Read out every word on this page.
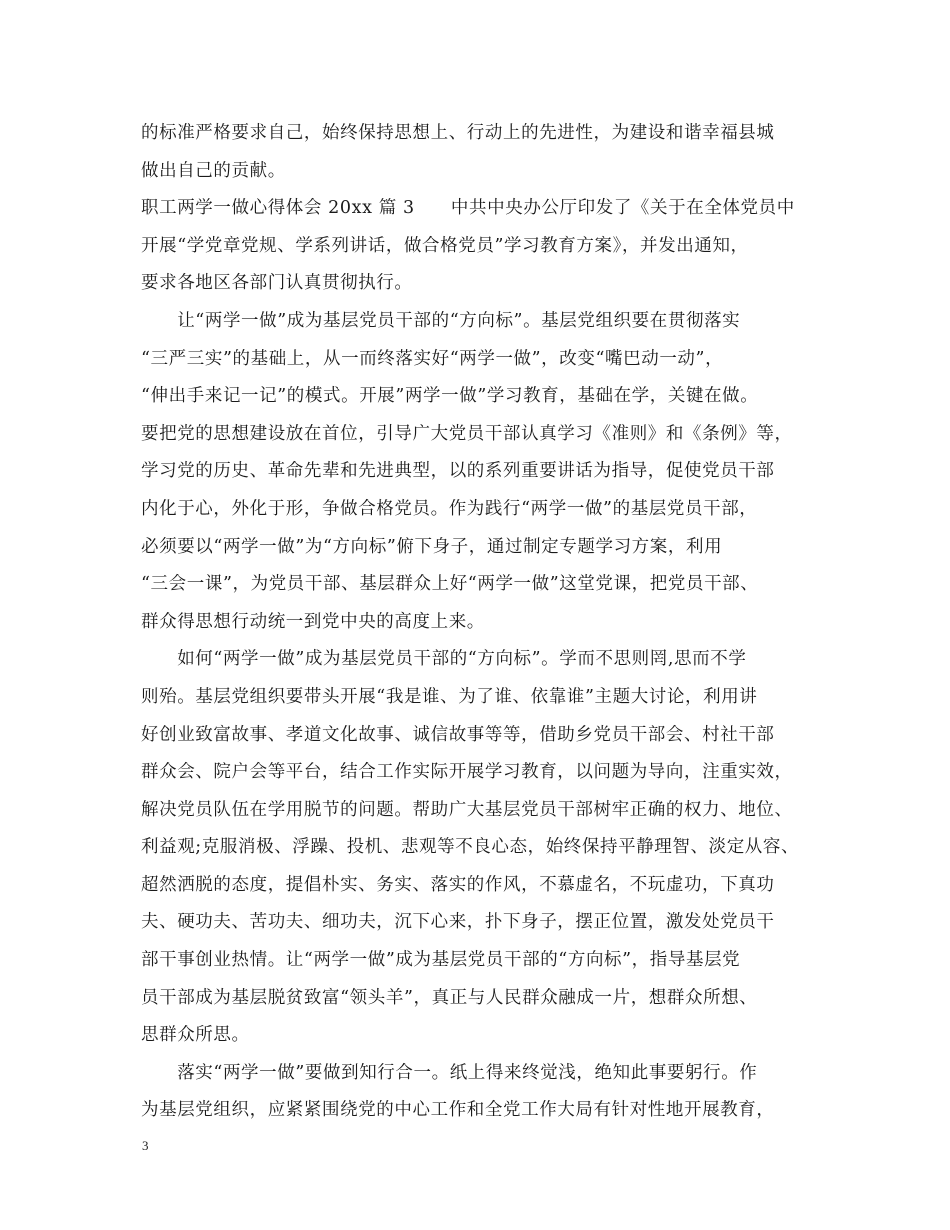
的标准严格要求自己，始终保持思想上、行动上的先进性，为建设和谐幸福县城
做出自己的贡献。
职工两学一做心得体会 20xx 篇 3　　中共中央办公厅印发了《关于在全体党员中
开展“学党章党规、学系列讲话，做合格党员”学习教育方案》，并发出通知，
要求各地区各部门认真贯彻执行。
　　让“两学一做”成为基层党员干部的“方向标”。基层党组织要在贯彻落实
“三严三实”的基础上，从一而终落实好“两学一做”，改变“嘴巴动一动”，
“伸出手来记一记”的模式。开展”两学一做”学习教育，基础在学，关键在做。
要把党的思想建设放在首位，引导广大党员干部认真学习《准则》和《条例》等，
学习党的历史、革命先辈和先进典型，以的系列重要讲话为指导，促使党员干部
内化于心，外化于形，争做合格党员。作为践行“两学一做”的基层党员干部，
必须要以“两学一做”为“方向标”俯下身子，通过制定专题学习方案，利用
“三会一课”，为党员干部、基层群众上好“两学一做”这堂党课，把党员干部、
群众得思想行动统一到党中央的高度上来。
　　如何“两学一做”成为基层党员干部的“方向标”。学而不思则罔,思而不学
则殆。基层党组织要带头开展“我是谁、为了谁、依靠谁”主题大讨论，利用讲
好创业致富故事、孝道文化故事、诚信故事等等，借助乡党员干部会、村社干部
群众会、院户会等平台，结合工作实际开展学习教育，以问题为导向，注重实效，
解决党员队伍在学用脱节的问题。帮助广大基层党员干部树牢正确的权力、地位、
利益观;克服消极、浮躁、投机、悲观等不良心态，始终保持平静理智、淡定从容、
超然洒脱的态度，提倡朴实、务实、落实的作风，不慕虚名，不玩虚功，下真功
夫、硬功夫、苦功夫、细功夫，沉下心来，扑下身子，摆正位置，激发处党员干
部干事创业热情。让“两学一做”成为基层党员干部的“方向标”，指导基层党
员干部成为基层脱贫致富“领头羊”，真正与人民群众融成一片，想群众所想、
思群众所思。
　　落实“两学一做”要做到知行合一。纸上得来终觉浅，绝知此事要躬行。作
为基层党组织，应紧紧围绕党的中心工作和全党工作大局有针对性地开展教育，
3
